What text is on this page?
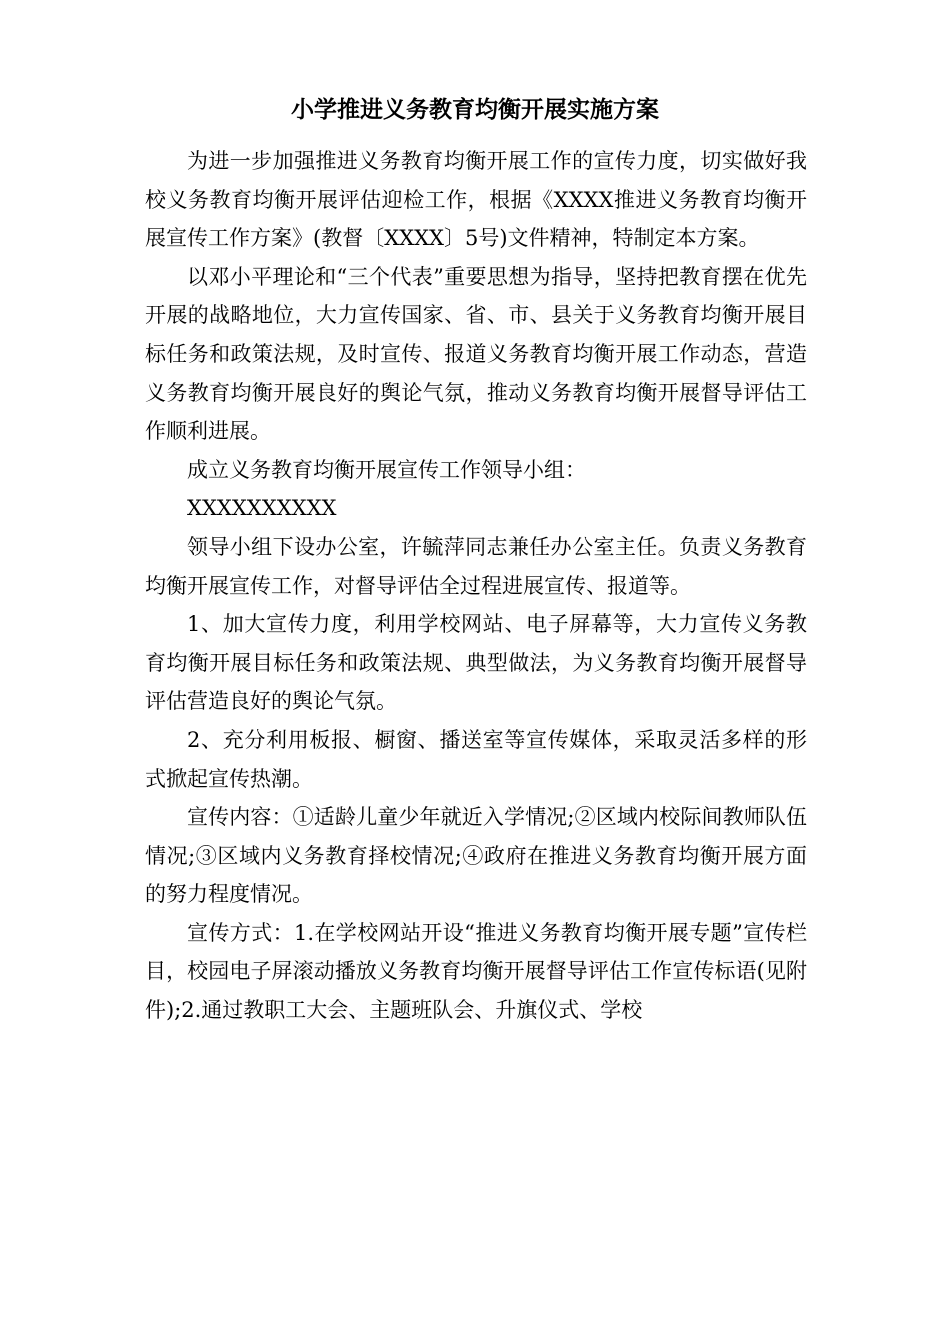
小学推进义务教育均衡开展实施方案

为进一步加强推进义务教育均衡开展工作的宣传力度，切实做好我校义务教育均衡开展评估迎检工作，根据《XXXX推进义务教育均衡开展宣传工作方案》(教督〔XXXX〕5号)文件精神，特制定本方案。

以邓小平理论和“三个代表”重要思想为指导，坚持把教育摆在优先开展的战略地位，大力宣传国家、省、市、县关于义务教育均衡开展目标任务和政策法规，及时宣传、报道义务教育均衡开展工作动态，营造义务教育均衡开展良好的舆论气氛，推动义务教育均衡开展督导评估工作顺利进展。

成立义务教育均衡开展宣传工作领导小组：

XXXXXXXXXX

领导小组下设办公室，许毓萍同志兼任办公室主任。负责义务教育均衡开展宣传工作，对督导评估全过程进展宣传、报道等。

1、加大宣传力度，利用学校网站、电子屏幕等，大力宣传义务教育均衡开展目标任务和政策法规、典型做法，为义务教育均衡开展督导评估营造良好的舆论气氛。

2、充分利用板报、橱窗、播送室等宣传媒体，采取灵活多样的形式掀起宣传热潮。

宣传内容：①适龄儿童少年就近入学情况;②区域内校际间教师队伍情况;③区域内义务教育择校情况;④政府在推进义务教育均衡开展方面的努力程度情况。

宣传方式：1.在学校网站开设“推进义务教育均衡开展专题”宣传栏目，校园电子屏滚动播放义务教育均衡开展督导评估工作宣传标语(见附件);2.通过教职工大会、主题班队会、升旗仪式、学校
